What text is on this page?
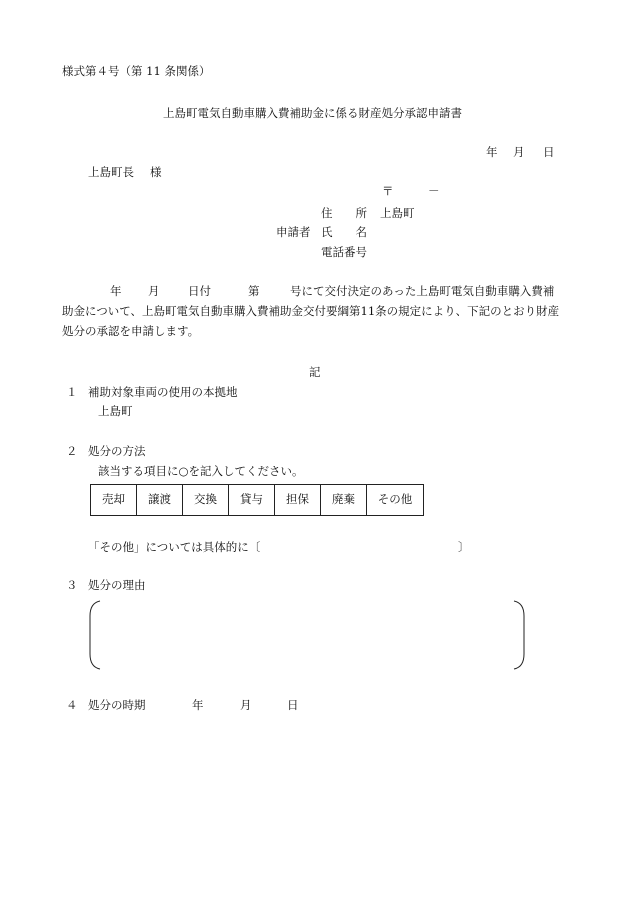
様式第４号（第 11 条関係）
上島町電気自動車購入費補助金に係る財産処分承認申請書
年 月 日
上島町長 様
〒	－
住　　所 上島町
申請者 氏　　名
電話番号
年 月 日付	第	号にて交付決定のあった上島町電気自動車購入費補
助金について、上島町電気自動車購入費補助金交付要綱第11条の規定により、下記のとおり財産
処分の承認を申請します。
記
１ 補助対象車両の使用の本拠地
上島町
２ 処分の方法
該当する項目に○を記入してください。
売却	譲渡	交換	貸与	担保	廃棄	その他
「その他」については具体的に〔	〕
３ 処分の理由
４ 処分の時期	年	月	日
